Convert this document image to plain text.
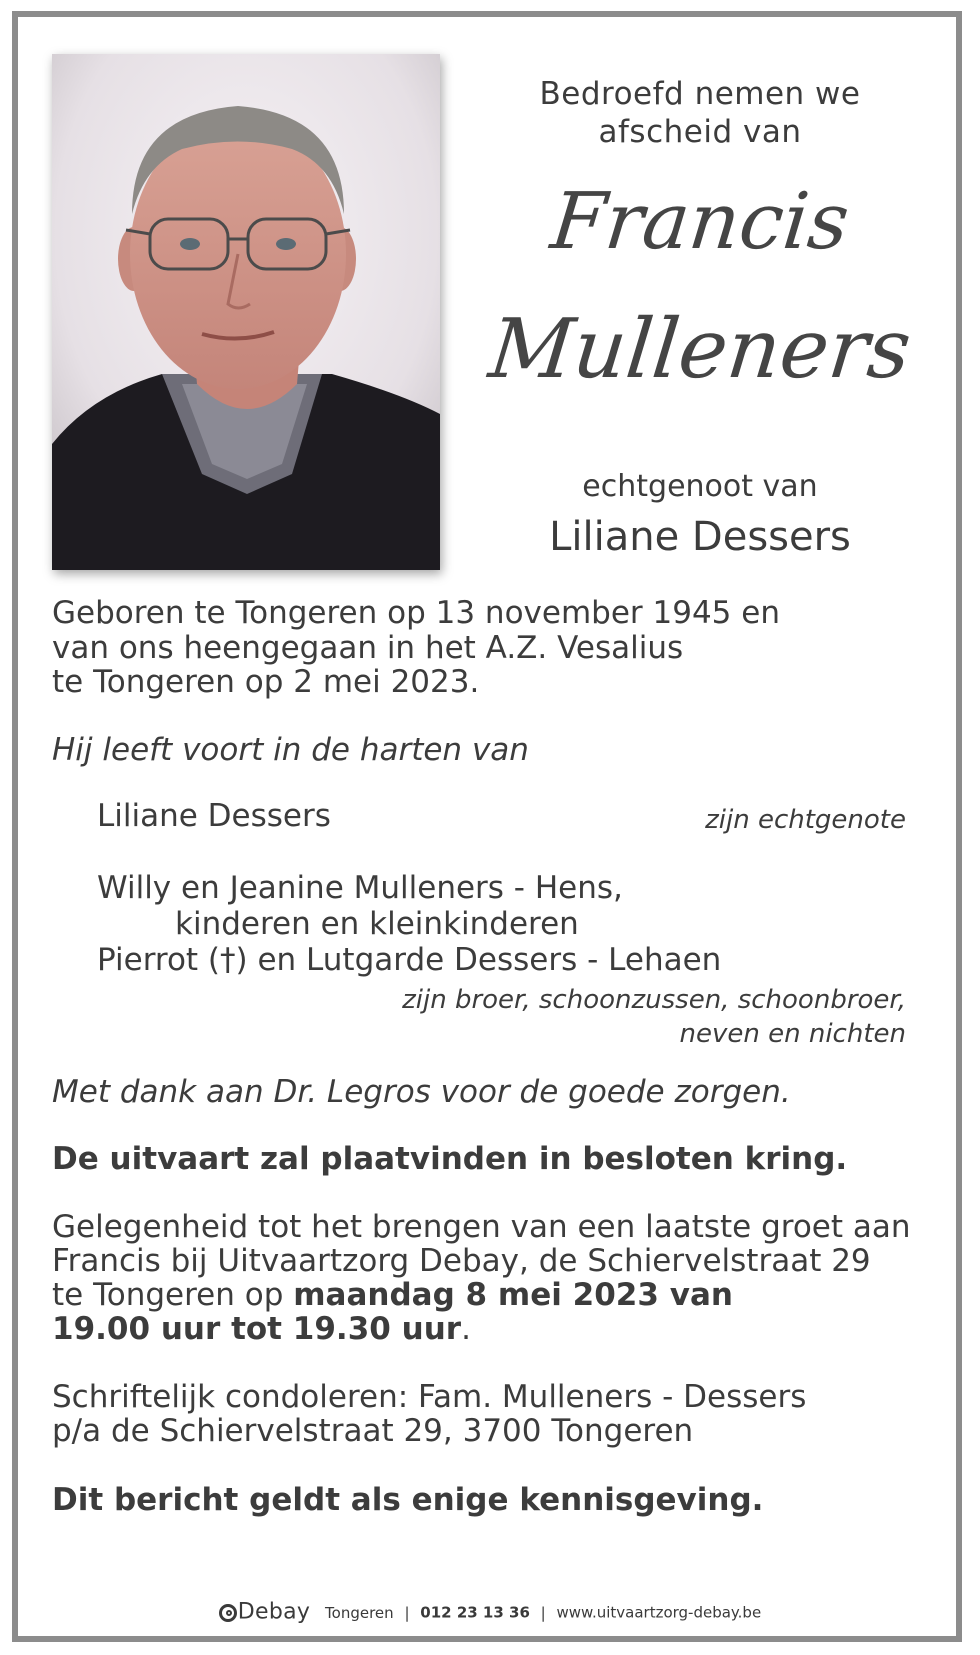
Bedroefd nemen we
afscheid van
Francis
Mulleners
echtgenoot van
Liliane Dessers
Geboren te Tongeren op 13 november 1945 en
van ons heengegaan in het A.Z. Vesalius
te Tongeren op 2 mei 2023.
Hij leeft voort in de harten van
Liliane Dessers	zijn echtgenote
Willy en Jeanine Mulleners - Hens,
kinderen en kleinkinderen
Pierrot (†) en Lutgarde Dessers - Lehaen
zijn broer, schoonzussen, schoonbroer,
neven en nichten
Met dank aan Dr. Legros voor de goede zorgen.
De uitvaart zal plaatvinden in besloten kring.
Gelegenheid tot het brengen van een laatste groet aan
Francis bij Uitvaartzorg Debay, de Schiervelstraat 29
te Tongeren op maandag 8 mei 2023 van
19.00 uur tot 19.30 uur.
Schriftelijk condoleren: Fam. Mulleners - Dessers
p/a de Schiervelstraat 29, 3700 Tongeren
Dit bericht geldt als enige kennisgeving.
Debay Tongeren | 012 23 13 36 | www.uitvaartzorg-debay.be
